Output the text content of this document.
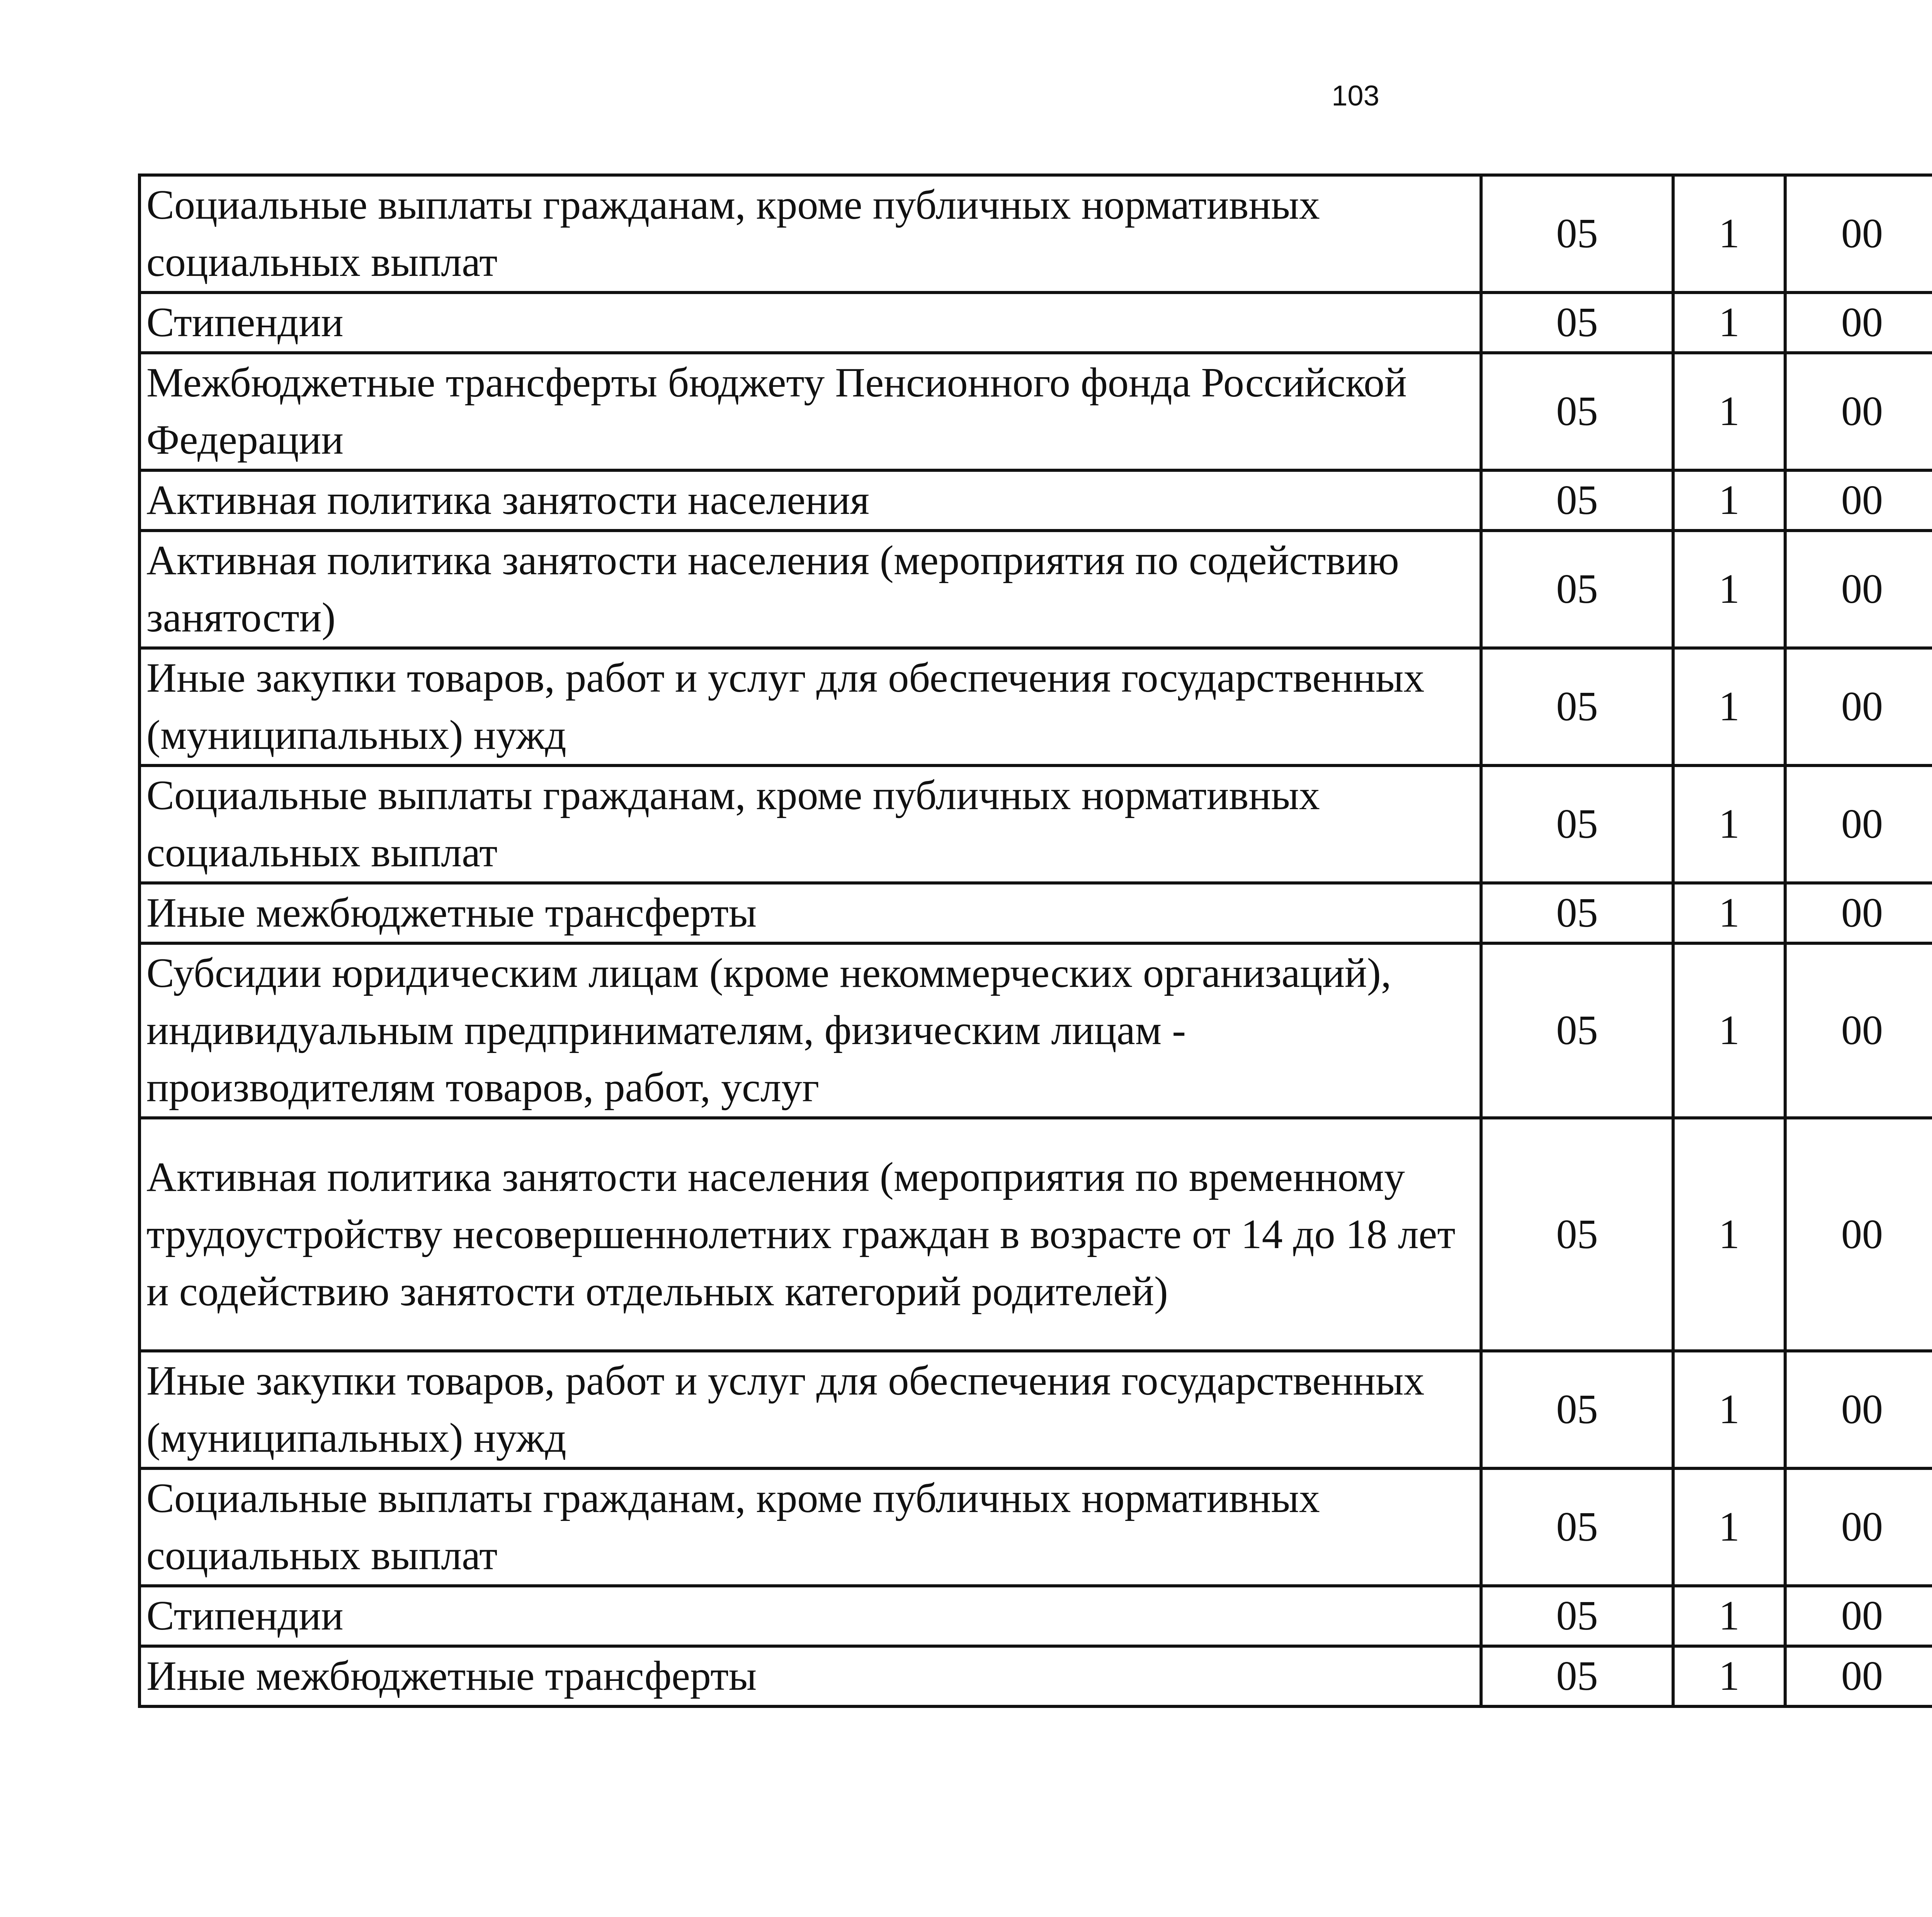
103
Социальные выплаты гражданам, кроме публичных нормативных социальных выплат	05	1	00			
Стипендии	05	1	00			
Межбюджетные трансферты бюджету Пенсионного фонда Российской Федерации	05	1	00			
Активная политика занятости населения	05	1	00			
Активная политика занятости населения (мероприятия по содействию занятости)	05	1	00			
Иные закупки товаров, работ и услуг для обеспечения государственных (муниципальных) нужд	05	1	00			
Социальные выплаты гражданам, кроме публичных нормативных социальных выплат	05	1	00			
Иные межбюджетные трансферты	05	1	00			
Субсидии юридическим лицам (кроме некоммерческих организаций), индивидуальным предпринимателям, физическим лицам - производителям товаров, работ, услуг	05	1	00			
Активная политика занятости населения (мероприятия по временному трудоустройству несовершеннолетних граждан в возрасте от 14 до 18 лет и содействию занятости отдельных категорий родителей)	05	1	00			
Иные закупки товаров, работ и услуг для обеспечения государственных (муниципальных) нужд	05	1	00			
Социальные выплаты гражданам, кроме публичных нормативных социальных выплат	05	1	00			
Стипендии	05	1	00			
Иные межбюджетные трансферты	05	1	00			
